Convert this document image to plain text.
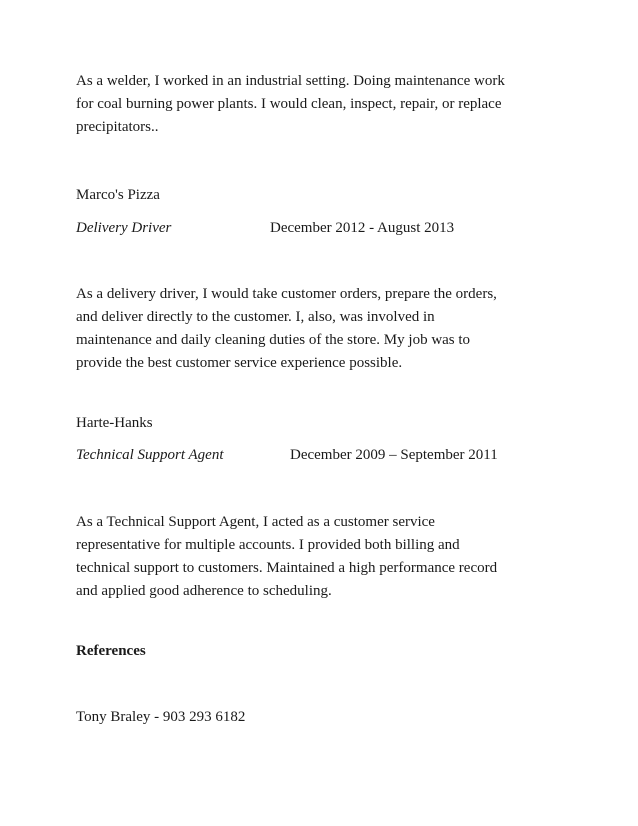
As a welder, I worked in an industrial setting. Doing maintenance work
for coal burning power plants. I would clean, inspect, repair, or replace
precipitators..
Marco's Pizza
Delivery Driver	December 2012 - August 2013
As a delivery driver, I would take customer orders, prepare the orders,
and deliver directly to the customer. I, also, was involved in
maintenance and daily cleaning duties of the store. My job was to
provide the best customer service experience possible.
Harte-Hanks
Technical Support Agent	December 2009 – September 2011
As a Technical Support Agent, I acted as a customer service
representative for multiple accounts. I provided both billing and
technical support to customers. Maintained a high performance record
and applied good adherence to scheduling.
References
Tony Braley - 903 293 6182
